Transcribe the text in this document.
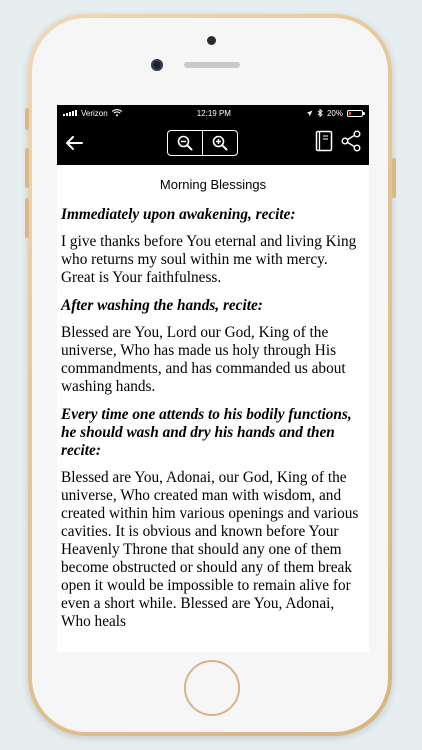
Verizon	12:19 PM	20%
Morning Blessings

Immediately upon awakening, recite:

I give thanks before You eternal and living King who returns my soul within me with mercy. Great is Your faithfulness.

After washing the hands, recite:

Blessed are You, Lord our God, King of the universe, Who has made us holy through His commandments, and has commanded us about washing hands.

Every time one attends to his bodily functions, he should wash and dry his hands and then recite:

Blessed are You, Adonai, our God, King of the universe, Who created man with wisdom, and created within him various openings and various cavities. It is obvious and known before Your Heavenly Throne that should any one of them become obstructed or should any of them break open it would be impossible to remain alive for even a short while. Blessed are You, Adonai, Who heals
